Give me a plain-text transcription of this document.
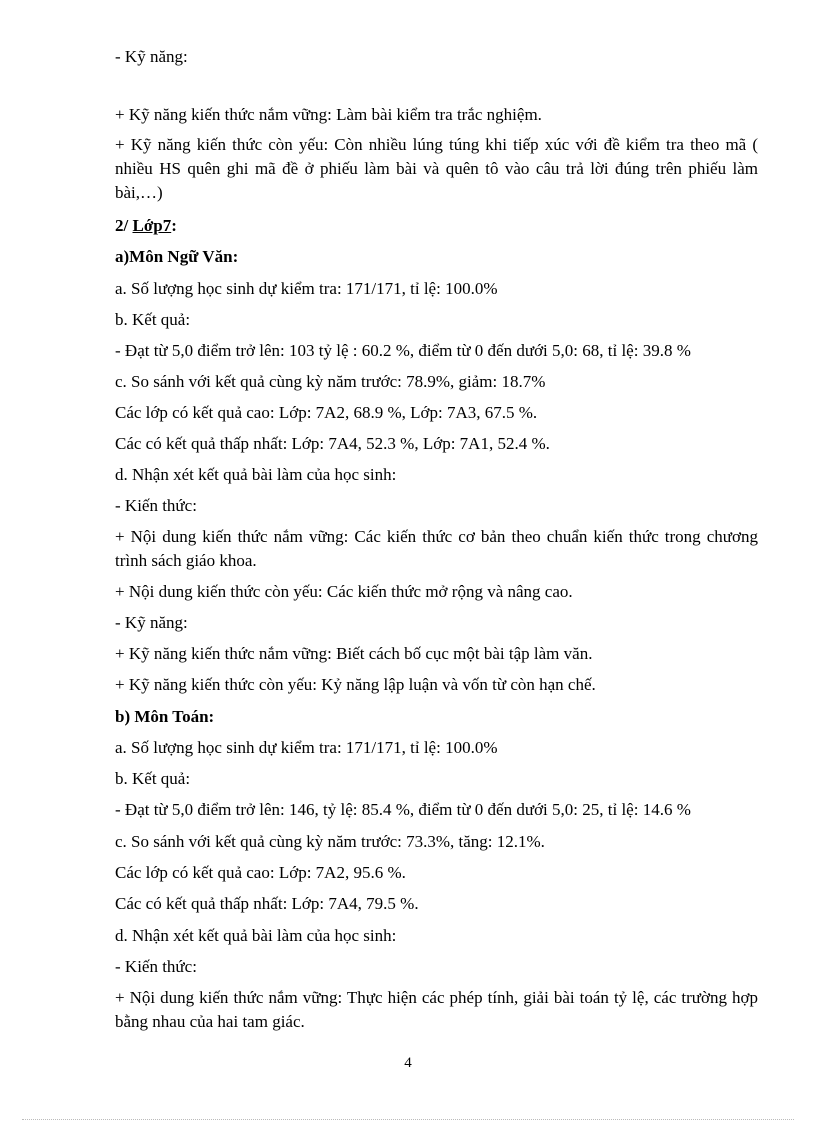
- Kỹ năng:
+ Kỹ năng kiến thức nắm vững: Làm bài kiểm tra trắc nghiệm.
+ Kỹ năng kiến thức còn yếu: Còn nhiều lúng túng khi tiếp xúc với đề kiểm tra theo mã ( nhiều HS quên ghi mã đề ở phiếu làm bài và quên tô vào câu trả lời đúng trên phiếu làm bài,…)
2/ Lớp7:
a)Môn Ngữ Văn:
a. Số lượng học sinh dự kiểm tra: 171/171, tỉ lệ: 100.0%
b. Kết quả:
- Đạt từ 5,0 điểm trở lên: 103 tỷ lệ : 60.2 %, điểm từ 0 đến dưới 5,0: 68, tỉ lệ: 39.8 %
c. So sánh với kết quả cùng kỳ năm trước: 78.9%, giảm: 18.7%
Các lớp có kết quả cao: Lớp: 7A2, 68.9 %, Lớp: 7A3, 67.5 %.
Các có kết quả thấp nhất: Lớp: 7A4, 52.3 %, Lớp: 7A1, 52.4 %.
d. Nhận xét kết quả bài làm của học sinh:
- Kiến thức:
+ Nội dung kiến thức nắm vững: Các kiến thức cơ bản theo chuẩn kiến thức trong chương trình sách giáo khoa.
+ Nội dung kiến thức còn yếu: Các kiến thức mở rộng và nâng cao.
- Kỹ năng:
+ Kỹ năng kiến thức nắm vững: Biết cách bố cục một bài tập làm văn.
+ Kỹ năng kiến thức còn yếu: Kỷ năng lập luận và vốn từ còn hạn chế.
b) Môn Toán:
a. Số lượng học sinh dự kiểm tra: 171/171, tỉ lệ: 100.0%
b. Kết quả:
- Đạt từ 5,0 điểm trở lên: 146, tỷ lệ: 85.4 %, điểm từ 0 đến dưới 5,0: 25, tỉ lệ: 14.6 %
c. So sánh với kết quả cùng kỳ năm trước: 73.3%, tăng: 12.1%.
Các lớp có kết quả cao: Lớp: 7A2, 95.6 %.
Các có kết quả thấp nhất: Lớp: 7A4, 79.5 %.
d. Nhận xét kết quả bài làm của học sinh:
- Kiến thức:
+ Nội dung kiến thức nắm vững: Thực hiện các phép tính, giải bài toán tỷ lệ, các trường hợp bằng nhau của hai tam giác.
4
